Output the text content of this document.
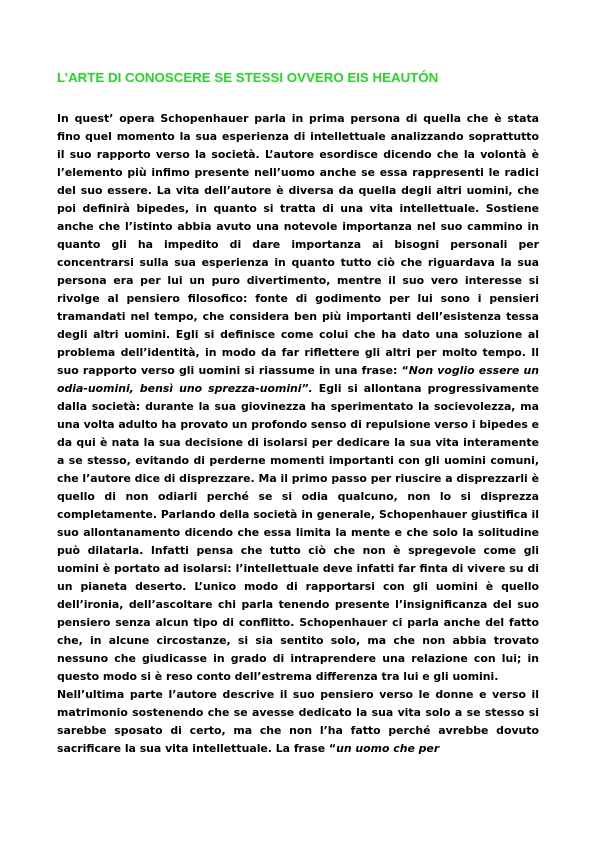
L’ARTE DI CONOSCERE SE STESSI OVVERO EIS HEAUTÓN

In quest’ opera Schopenhauer parla in prima persona di quella che è stata fino quel momento la sua esperienza di intellettuale analizzando soprattutto il suo rapporto verso la società. L’autore esordisce dicendo che la volontà è l’elemento più infimo presente nell’uomo anche se essa rappresenti le radici del suo essere. La vita dell’autore è diversa da quella degli altri uomini, che poi definirà bipedes, in quanto si tratta di una vita intellettuale. Sostiene anche che l’istinto abbia avuto una notevole importanza nel suo cammino in quanto gli ha impedito di dare importanza ai bisogni personali per concentrarsi sulla sua esperienza in quanto tutto ciò che riguardava la sua persona era per lui un puro divertimento, mentre il suo vero interesse si rivolge al pensiero filosofico: fonte di godimento per lui sono i pensieri tramandati nel tempo, che considera ben più importanti dell’esistenza tessa degli altri uomini. Egli si definisce come colui che ha dato una soluzione al problema dell’identità, in modo da far riflettere gli altri per molto tempo. Il suo rapporto verso gli uomini si riassume in una frase: “Non voglio essere un odia-uomini, bensì uno sprezza-uomini”. Egli si allontana progressivamente dalla società: durante la sua giovinezza ha sperimentato la socievolezza, ma una volta adulto ha provato un profondo senso di repulsione verso i bipedes e da qui è nata la sua decisione di isolarsi per dedicare la sua vita interamente a se stesso, evitando di perderne momenti importanti con gli uomini comuni, che l’autore dice di disprezzare. Ma il primo passo per riuscire a disprezzarli è quello di non odiarli perché se si odia qualcuno, non lo si disprezza completamente. Parlando della società in generale, Schopenhauer giustifica il suo allontanamento dicendo che essa limita la mente e che solo la solitudine può dilatarla. Infatti pensa che tutto ciò che non è spregevole come gli uomini è portato ad isolarsi: l’intellettuale deve infatti far finta di vivere su di un pianeta deserto. L’unico modo di rapportarsi con gli uomini è quello dell’ironia, dell’ascoltare chi parla tenendo presente l’insignificanza del suo pensiero senza alcun tipo di conflitto. Schopenhauer ci parla anche del fatto che, in alcune circostanze, si sia sentito solo, ma che non abbia trovato nessuno che giudicasse in grado di intraprendere una relazione con lui; in questo modo si è reso conto dell’estrema differenza tra lui e gli uomini.

Nell’ultima parte l’autore descrive il suo pensiero verso le donne e verso il matrimonio sostenendo che se avesse dedicato la sua vita solo a se stesso si sarebbe sposato di certo, ma che non l’ha fatto perché avrebbe dovuto sacrificare la sua vita intellettuale. La frase “un uomo che per
